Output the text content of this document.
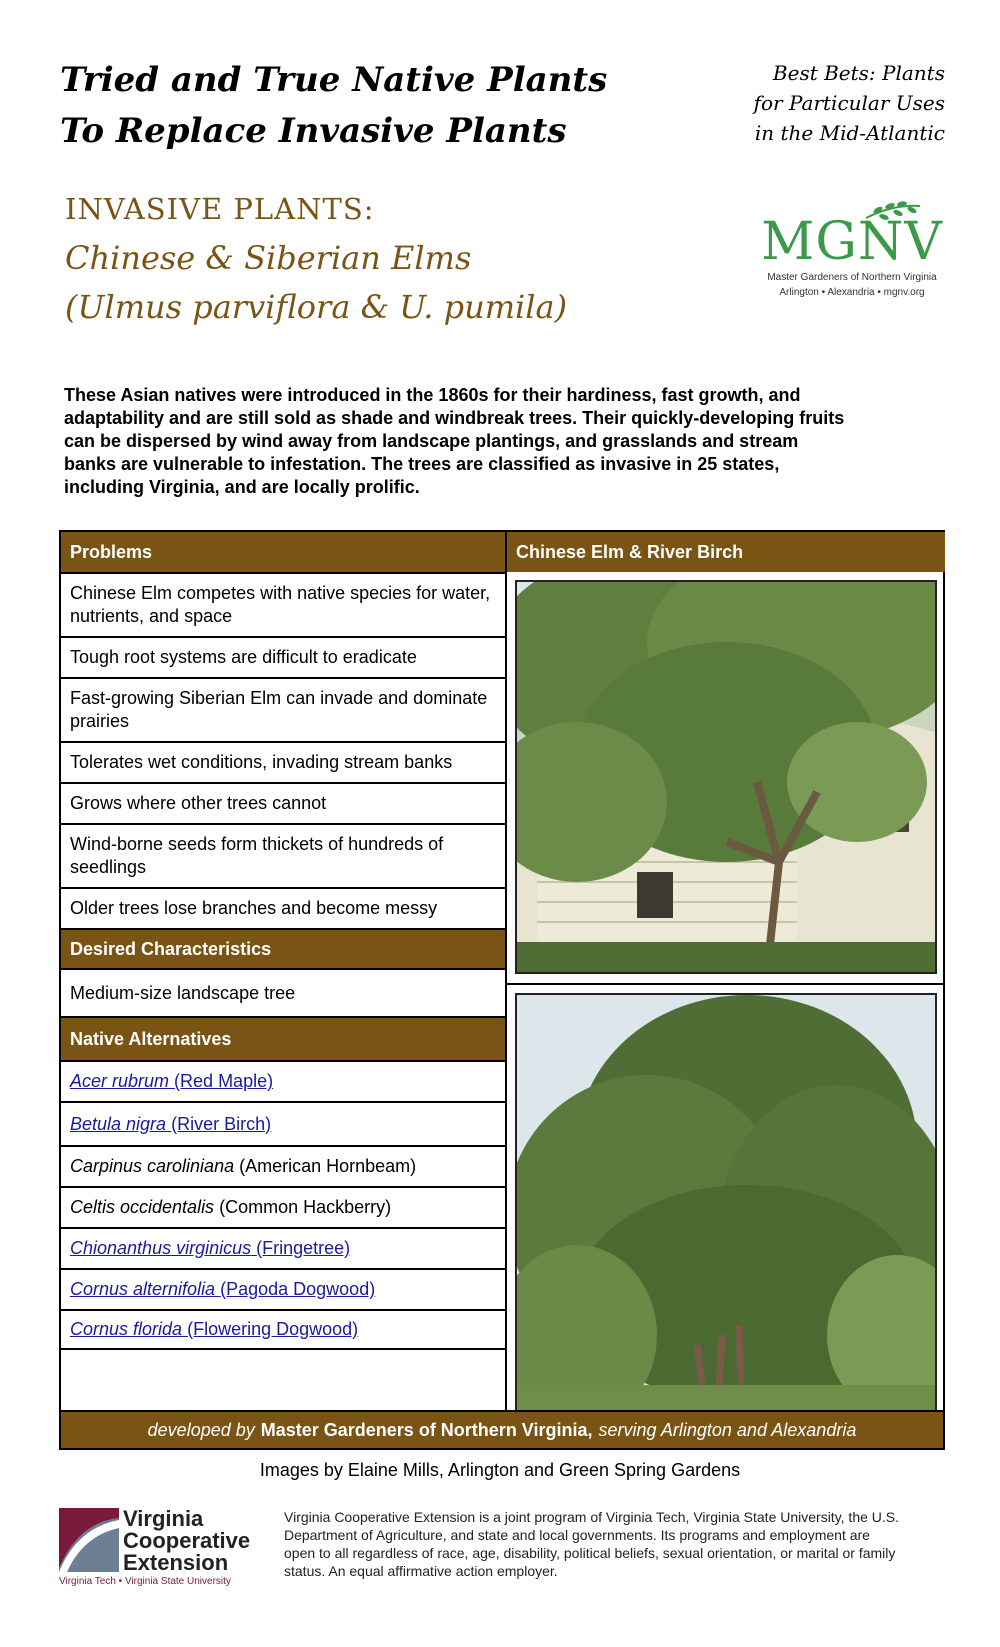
Tried and True Native Plants
To Replace Invasive Plants
Best Bets: Plants
for Particular Uses
in the Mid-Atlantic
INVASIVE PLANTS:
Chinese & Siberian Elms
(Ulmus parviflora & U. pumila)
MGNV
Master Gardeners of Northern Virginia
Arlington • Alexandria • mgnv.org
These Asian natives were introduced in the 1860s for their hardiness, fast growth, and adaptability and are still sold as shade and windbreak trees. Their quickly-developing fruits can be dispersed by wind away from landscape plantings, and grasslands and stream banks are vulnerable to infestation. The trees are classified as invasive in 25 states, including Virginia, and are locally prolific.
Problems
Chinese Elm competes with native species for water, nutrients, and space
Tough root systems are difficult to eradicate
Fast-growing Siberian Elm can invade and dominate prairies
Tolerates wet conditions, invading stream banks
Grows where other trees cannot
Wind-borne seeds form thickets of hundreds of seedlings
Older trees lose branches and become messy
Desired Characteristics
Medium-size landscape tree
Native Alternatives
Acer rubrum (Red Maple)
Betula nigra (River Birch)
Carpinus caroliniana (American Hornbeam)
Celtis occidentalis (Common Hackberry)
Chionanthus virginicus (Fringetree)
Cornus alternifolia (Pagoda Dogwood)
Cornus florida (Flowering Dogwood)
Chinese Elm & River Birch
developed by Master Gardeners of Northern Virginia, serving Arlington and Alexandria
Images by Elaine Mills, Arlington and Green Spring Gardens
Virginia
Cooperative
Extension
Virginia Tech • Virginia State University
Virginia Cooperative Extension is a joint program of Virginia Tech, Virginia State University, the U.S. Department of Agriculture, and state and local governments. Its programs and employment are open to all regardless of race, age, disability, political beliefs, sexual orientation, or marital or family status. An equal affirmative action employer.
